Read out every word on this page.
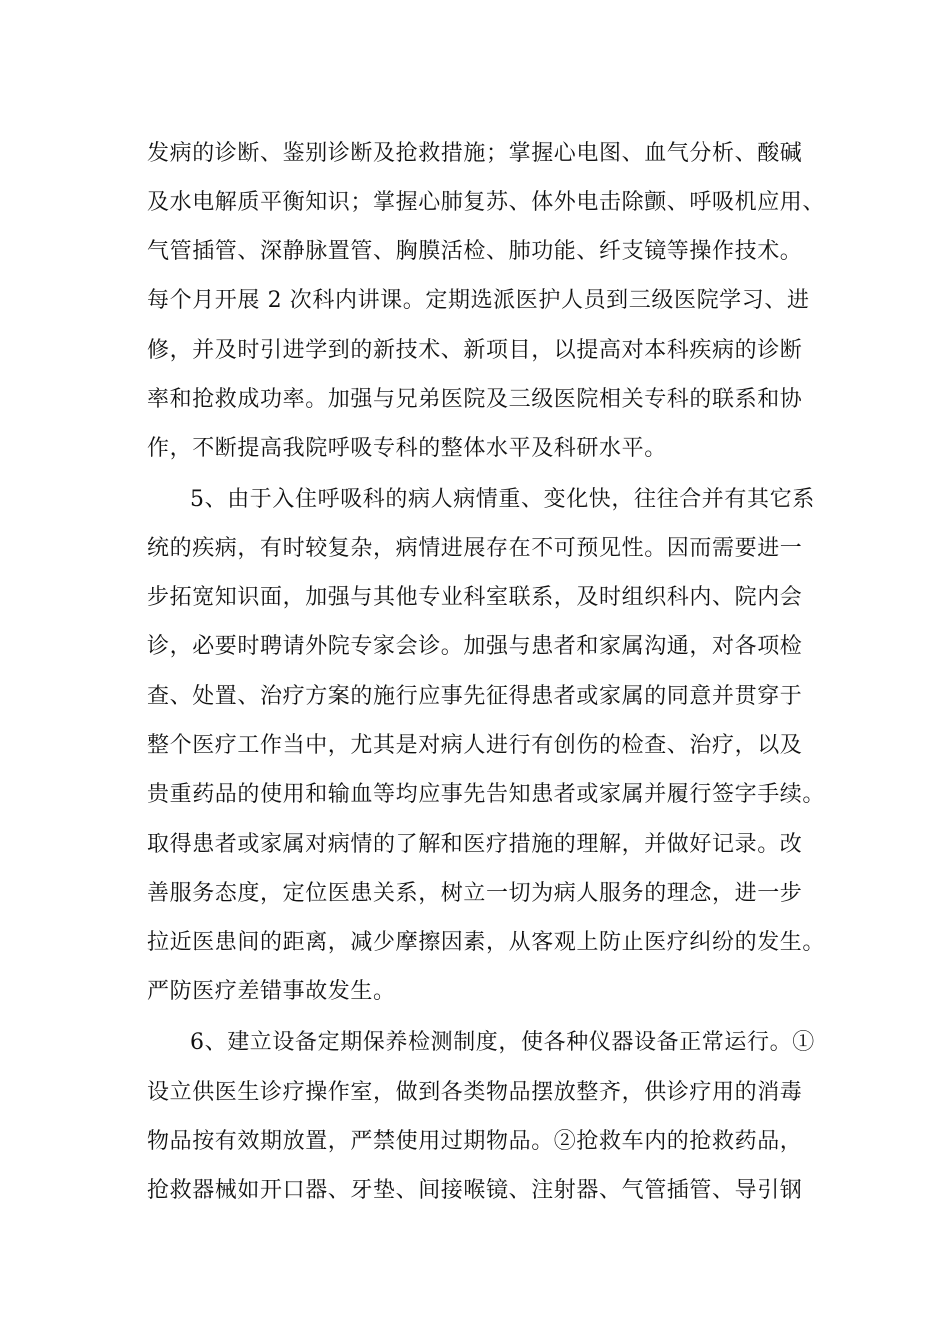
发病的诊断、鉴别诊断及抢救措施；掌握心电图、血气分析、酸碱
及水电解质平衡知识；掌握心肺复苏、体外电击除颤、呼吸机应用、
气管插管、深静脉置管、胸膜活检、肺功能、纤支镜等操作技术。
每个月开展 2 次科内讲课。定期选派医护人员到三级医院学习、进
修，并及时引进学到的新技术、新项目，以提高对本科疾病的诊断
率和抢救成功率。加强与兄弟医院及三级医院相关专科的联系和协
作，不断提高我院呼吸专科的整体水平及科研水平。
5、由于入住呼吸科的病人病情重、变化快，往往合并有其它系
统的疾病，有时较复杂，病情进展存在不可预见性。因而需要进一
步拓宽知识面，加强与其他专业科室联系，及时组织科内、院内会
诊，必要时聘请外院专家会诊。加强与患者和家属沟通，对各项检
查、处置、治疗方案的施行应事先征得患者或家属的同意并贯穿于
整个医疗工作当中，尤其是对病人进行有创伤的检查、治疗，以及
贵重药品的使用和输血等均应事先告知患者或家属并履行签字手续。
取得患者或家属对病情的了解和医疗措施的理解，并做好记录。改
善服务态度，定位医患关系，树立一切为病人服务的理念，进一步
拉近医患间的距离，减少摩擦因素，从客观上防止医疗纠纷的发生。
严防医疗差错事故发生。
6、建立设备定期保养检测制度，使各种仪器设备正常运行。①
设立供医生诊疗操作室，做到各类物品摆放整齐，供诊疗用的消毒
物品按有效期放置，严禁使用过期物品。②抢救车内的抢救药品，
抢救器械如开口器、牙垫、间接喉镜、注射器、气管插管、导引钢
